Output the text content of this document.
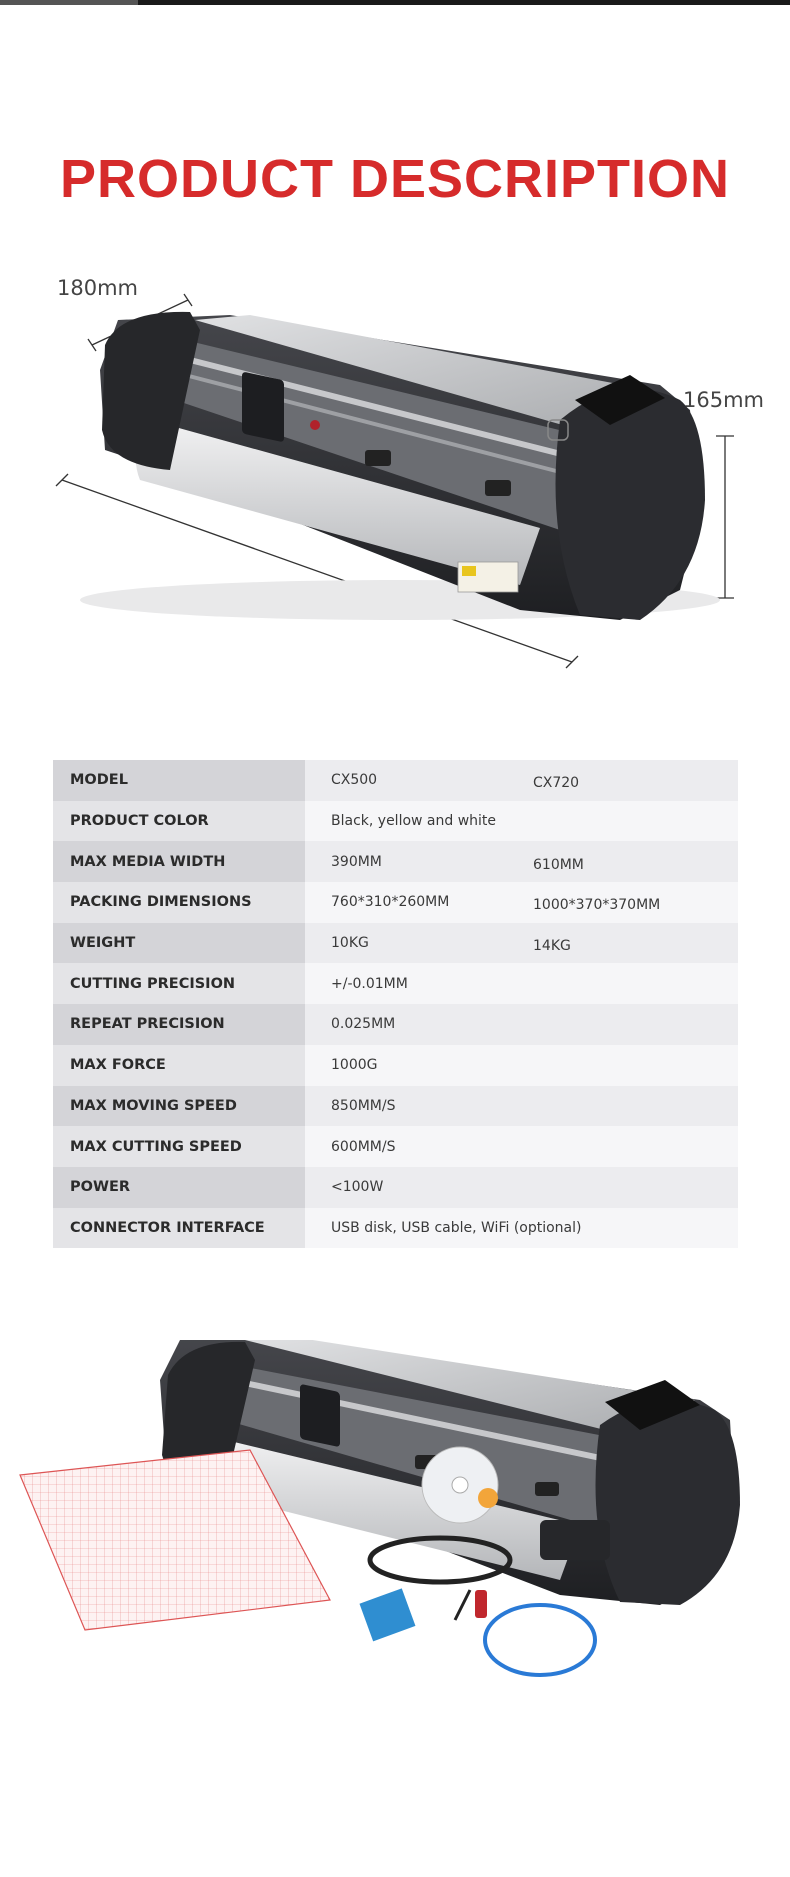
PRODUCT DESCRIPTION
180mm
165mm
MODEL	CX500	CX720
PRODUCT COLOR	Black, yellow and white	
MAX MEDIA WIDTH	390MM	610MM
PACKING DIMENSIONS	760*310*260MM	1000*370*370MM
WEIGHT	10KG	14KG
CUTTING PRECISION	+/-0.01MM	
REPEAT PRECISION	0.025MM	
MAX FORCE	1000G	
MAX MOVING SPEED	850MM/S	
MAX CUTTING SPEED	600MM/S	
POWER	<100W	
CONNECTOR INTERFACE	USB disk, USB cable, WiFi (optional)	
